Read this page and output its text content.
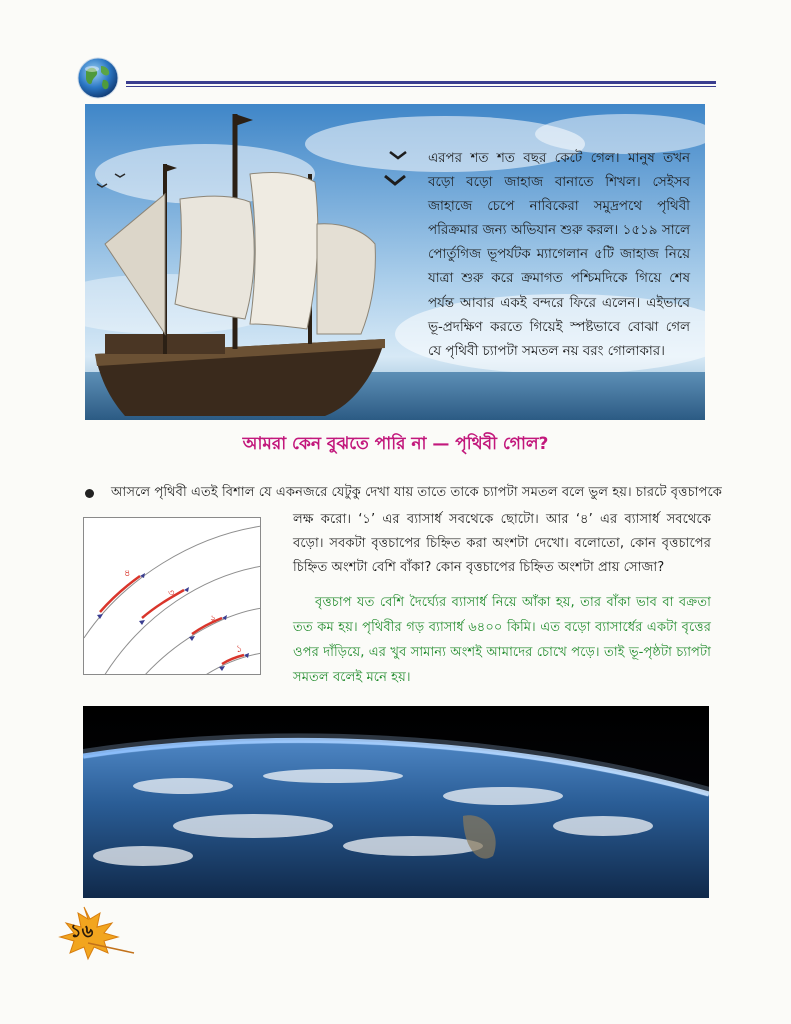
এরপর শত শত বছর কেটে গেল। মানুষ তখন বড়ো বড়ো জাহাজ বানাতে শিখল। সেইসব জাহাজে চেপে নাবিকেরা সমুদ্রপথে পৃথিবী পরিক্রমার জন্য অভিযান শুরু করল। ১৫১৯ সালে পোর্তুগিজ ভূপর্যটক ম্যাগেলান ৫টি জাহাজ নিয়ে যাত্রা শুরু করে ক্রমাগত পশ্চিমদিকে গিয়ে শেষ পর্যন্ত আবার একই বন্দরে ফিরে এলেন। এইভাবে ভূ-প্রদক্ষিণ করতে গিয়েই স্পষ্টভাবে বোঝা গেল যে পৃথিবী চ্যাপটা সমতল নয় বরং গোলাকার।
আমরা কেন বুঝতে পারি না — পৃথিবী গোল?
আসলে পৃথিবী এতই বিশাল যে একনজরে যেটুকু দেখা যায় তাতে তাকে চ্যাপটা সমতল বলে ভুল হয়। চারটে বৃত্তচাপকে
লক্ষ করো। ‘১’ এর ব্যাসার্ধ সবথেকে ছোটো। আর ‘৪’ এর ব্যাসার্ধ সবথেকে বড়ো। সবকটা বৃত্তচাপের চিহ্নিত করা অংশটা দেখো। বলোতো, কোন বৃত্তচাপের চিহ্নিত অংশটা বেশি বাঁকা? কোন বৃত্তচাপের চিহ্নিত অংশটা প্রায় সোজা?
৪
৩
২
১
বৃত্তচাপ যত বেশি দৈর্ঘ্যের ব্যাসার্ধ নিয়ে আঁকা হয়, তার বাঁকা ভাব বা বক্রতা তত কম হয়। পৃথিবীর গড় ব্যাসার্ধ ৬৪০০ কিমি। এত বড়ো ব্যাসার্ধের একটা বৃত্তের ওপর দাঁড়িয়ে, এর খুব সামান্য অংশই আমাদের চোখে পড়ে। তাই ভূ-পৃষ্ঠটা চ্যাপটা সমতল বলেই মনে হয়।
১৬
